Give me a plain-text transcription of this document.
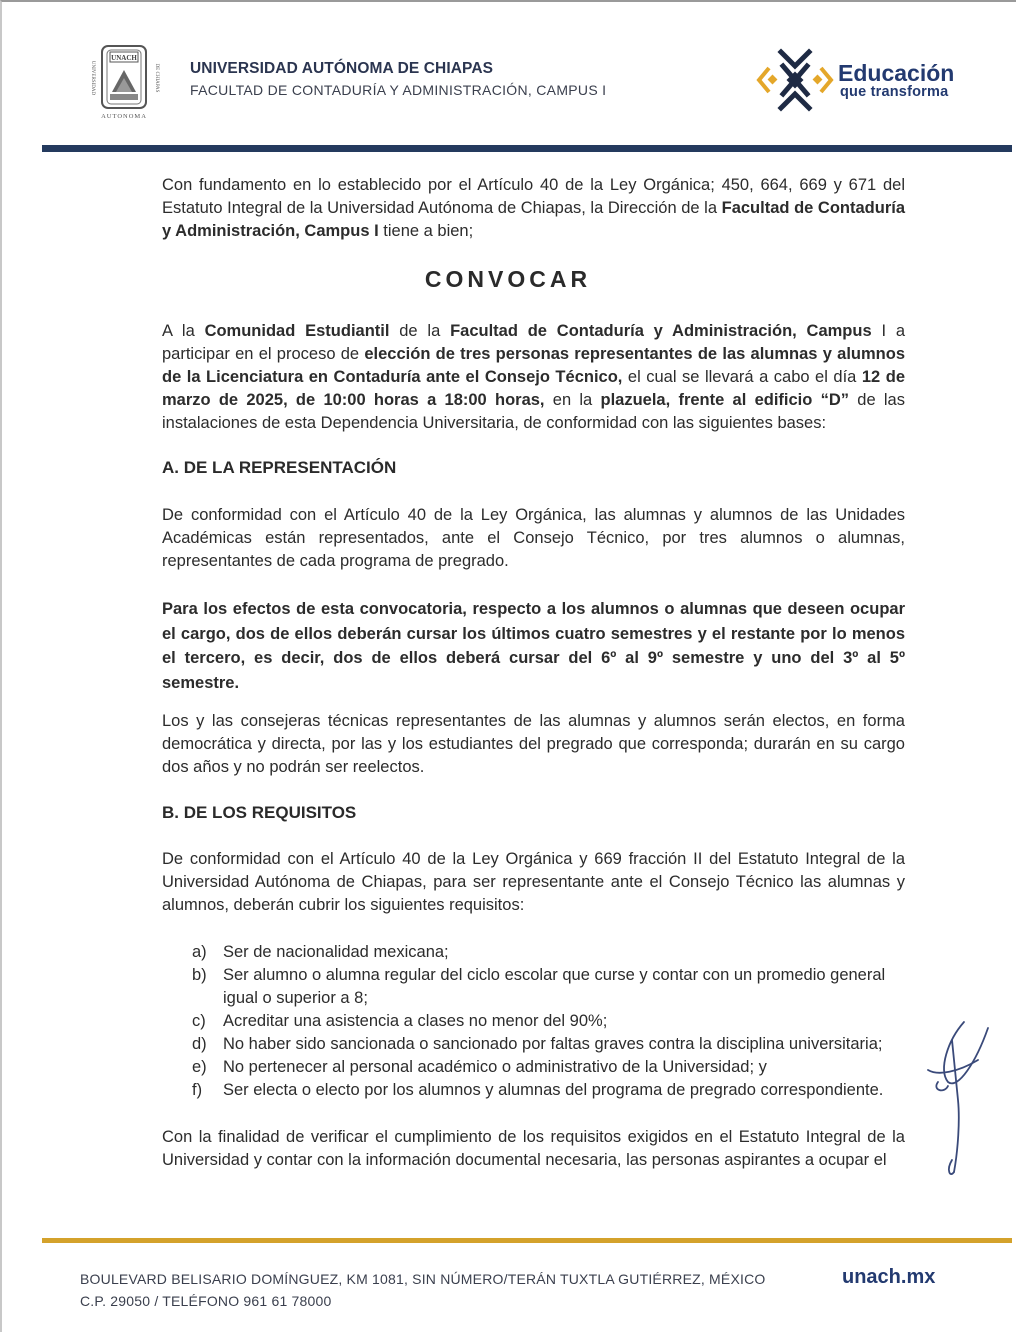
UNACH
UNIVERSIDAD	DE CHIAPAS
AUTONOMA
UNIVERSIDAD AUTÓNOMA DE CHIAPAS
FACULTAD DE CONTADURÍA Y ADMINISTRACIÓN, CAMPUS I
Educación
que transforma
Con fundamento en lo establecido por el Artículo 40 de la Ley Orgánica; 450, 664, 669 y 671 del Estatuto Integral de la Universidad Autónoma de Chiapas, la Dirección de la Facultad de Contaduría y Administración, Campus I tiene a bien;
CONVOCAR
A la Comunidad Estudiantil de la Facultad de Contaduría y Administración, Campus I a participar en el proceso de elección de tres personas representantes de las alumnas y alumnos de la Licenciatura en Contaduría ante el Consejo Técnico, el cual se llevará a cabo el día 12 de marzo de 2025, de 10:00 horas a 18:00 horas, en la plazuela, frente al edificio “D” de las instalaciones de esta Dependencia Universitaria, de conformidad con las siguientes bases:
A. DE LA REPRESENTACIÓN
De conformidad con el Artículo 40 de la Ley Orgánica, las alumnas y alumnos de las Unidades Académicas están representados, ante el Consejo Técnico, por tres alumnos o alumnas, representantes de cada programa de pregrado.
Para los efectos de esta convocatoria, respecto a los alumnos o alumnas que deseen ocupar el cargo, dos de ellos deberán cursar los últimos cuatro semestres y el restante por lo menos el tercero, es decir, dos de ellos deberá cursar del 6º al 9º semestre y uno del 3º al 5º semestre.
Los y las consejeras técnicas representantes de las alumnas y alumnos serán electos, en forma democrática y directa, por las y los estudiantes del pregrado que corresponda; durarán en su cargo dos años y no podrán ser reelectos.
B. DE LOS REQUISITOS
De conformidad con el Artículo 40 de la Ley Orgánica y 669 fracción II del Estatuto Integral de la Universidad Autónoma de Chiapas, para ser representante ante el Consejo Técnico las alumnas y alumnos, deberán cubrir los siguientes requisitos:
a) Ser de nacionalidad mexicana;
b) Ser alumno o alumna regular del ciclo escolar que curse y contar con un promedio general igual o superior a 8;
c)	Acreditar una asistencia a clases no menor del 90%;
d) No haber sido sancionada o sancionado por faltas graves contra la disciplina universitaria;
e) No pertenecer al personal académico o administrativo de la Universidad; y
f)	Ser electa o electo por los alumnos y alumnas del programa de pregrado correspondiente.
Con la finalidad de verificar el cumplimiento de los requisitos exigidos en el Estatuto Integral de la Universidad y contar con la información documental necesaria, las personas aspirantes a ocupar el
BOULEVARD BELISARIO DOMÍNGUEZ, KM 1081, SIN NÚMERO/TERÁN TUXTLA GUTIÉRREZ, MÉXICO
C.P. 29050 / TELÉFONO 961 61 78000
unach.mx
